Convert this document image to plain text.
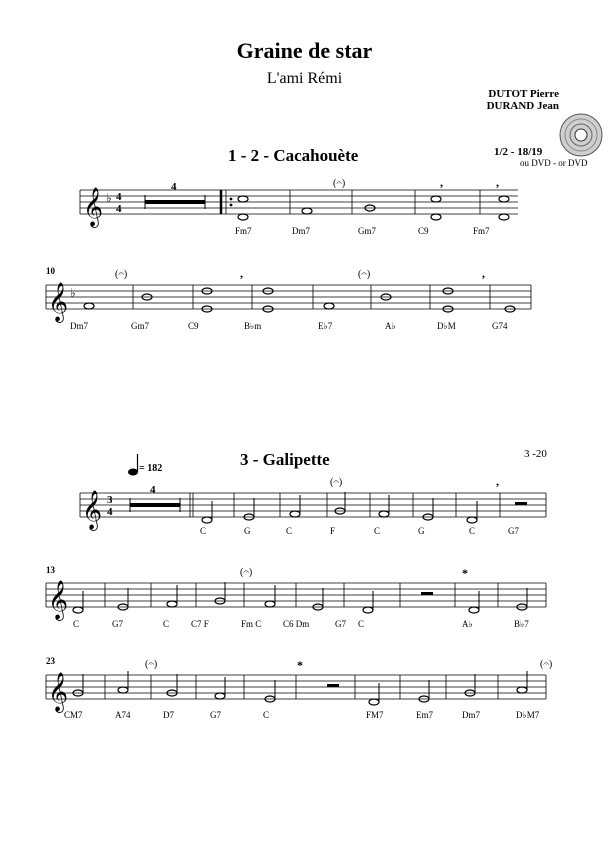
Graine de star
L'ami Rémi
DUTOT Pierre
DURAND Jean
1/2 - 18/19
ou DVD - or DVD
1 - 2 - Cacahouète
𝄞 ♭ 4
4
4	(𝄐)	,	,
Fm7	Dm7	Gm7	C9	Fm7
10
𝄞 ♭
(𝄐)	,	(𝄐)	,
Dm7	Gm7	C9	B♭m	E♭7	A♭	D♭M	G74
3 - Galipette	3 -20
= 182
𝄞 3
4
4
(𝄐)	,
C	G	C	F	C	G	C	G7
13
𝄞
(𝄐)	*
C	G7	C C7 F	Fm C C6 Dm	G7 C	A♭	B♭7
23
𝄞
(𝄐)	*	(𝄐)
CM7	A74	D7	G7	C	FM7	Em7	Dm7	D♭M7
